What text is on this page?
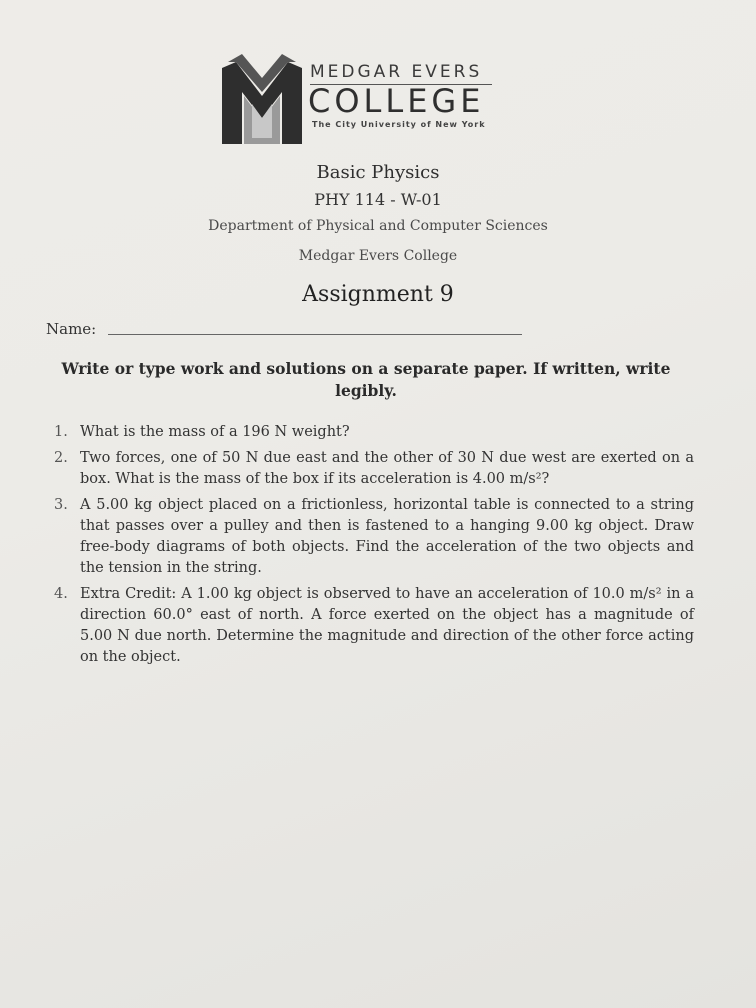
MEDGAR EVERS
COLLEGE
The City University of New York
Basic Physics
PHY 114 - W-01
Department of Physical and Computer Sciences
Medgar Evers College
Assignment 9
Name:
Write or type work and solutions on a separate paper. If written, write legibly.
1. What is the mass of a 196 N weight?
2. Two forces, one of 50 N due east and the other of 30 N due west are exerted on a box. What is the mass of the box if its acceleration is 4.00 m/s²?
3. A 5.00 kg object placed on a frictionless, horizontal table is connected to a string that passes over a pulley and then is fastened to a hanging 9.00 kg object. Draw free-body diagrams of both objects. Find the acceleration of the two objects and the tension in the string.
4. Extra Credit: A 1.00 kg object is observed to have an acceleration of 10.0 m/s² in a direction 60.0° east of north. A force exerted on the object has a magnitude of 5.00 N due north. Determine the magnitude and direction of the other force acting on the object.
